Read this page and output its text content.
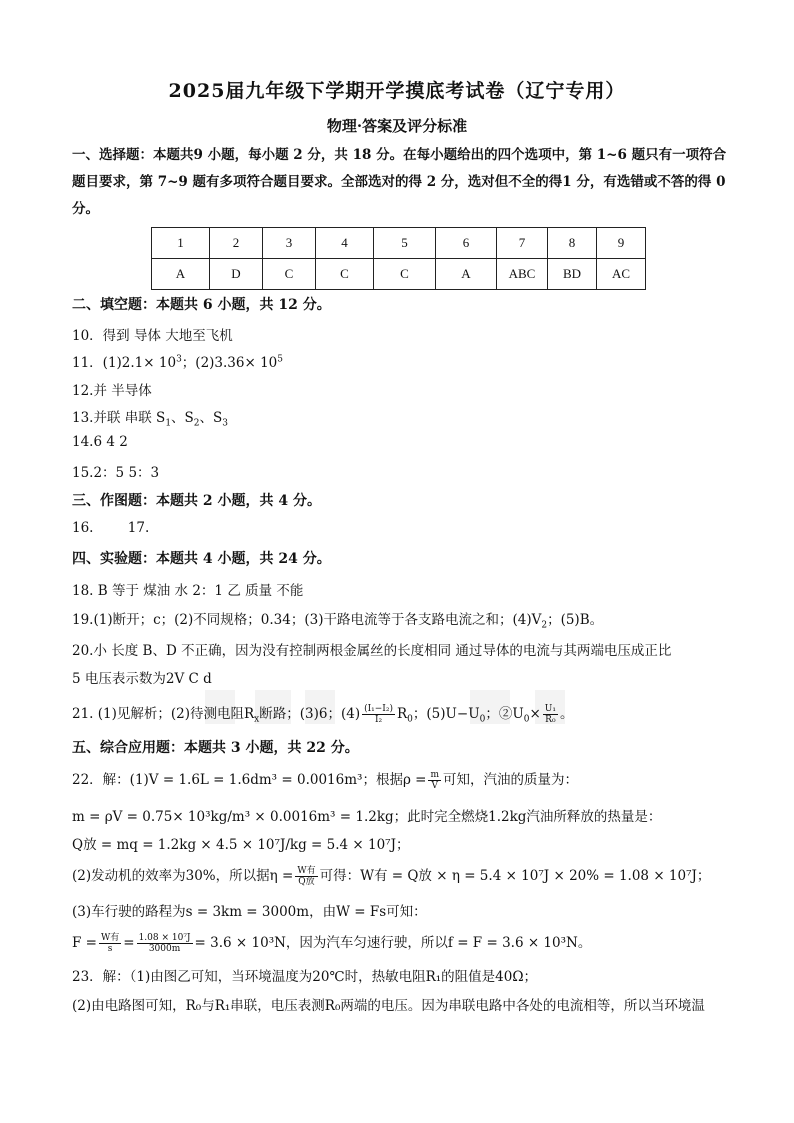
2025届九年级下学期开学摸底考试卷（辽宁专用）
物理·答案及评分标准
一、选择题：本题共9 小题，每小题 2 分，共 18 分。在每小题给出的四个选项中，第 1~6 题只有一项符合题目要求，第 7~9 题有多项符合题目要求。全部选对的得 2 分，选对但不全的得1 分，有选错或不答的得 0 分。
1	2	3	4	5	6	7	8	9
A	D	C	C	C	A	ABC	BD	AC
二、填空题：本题共 6 小题，共 12 分。
10．得到 导体 大地至飞机
11．$(1)2.1\times 10^3$；$(2)3.36\times 10^5$
12.并 半导体
13.并联 串联 $S_1$、$S_2$、$S_3$
14.6 4 2
15.2：5 5：3
三、作图题：本题共 2 小题，共 4 分。
16.        17.
四、实验题：本题共 4 小题，共 24 分。
18. B 等于 煤油 水 2：1 乙 质量 不能
19.(1)断开；c；(2)不同规格；0.34；(3)干路电流等于各支路电流之和；$(4)V_2$；(5)B。
20.小 长度 B、D 不正确，因为没有控制两根金属丝的长度相同 通过导体的电流与其两端电压成正比
5 电压表示数为2V C d
21. (1)见解析；(2)待测电阻$R_x$断路；(3)6；$(4) \frac{\text{(I₁−I₂)}}{\text{I₂}} R_0$；$(5)U-U_0$；$②U_0\times \frac{\text{U₁}}{\text{R₀}}$ 。
五、综合应用题：本题共 3 小题，共 22 分。
22．解：(1)V = 1.6L = 1.6dm³ = 0.0016m³；根据$\rho = \frac{m}{V}$ 可知，汽油的质量为：
m = ρV = 0.75× 10³kg/m³ × 0.0016m³ = 1.2kg；此时完全燃烧1.2kg汽油所释放的热量是：
Q放 = mq = 1.2kg × 4.5 × 10⁷J/kg = 5.4 × 10⁷J；
(2)发动机的效率为30%，所以据$\eta = \frac{\text{W有}}{\text{Q放}}$ 可得：W有 = Q放 × η = 5.4 × 10⁷J × 20% = 1.08 × 10⁷J；
(3)车行驶的路程为s = 3km = 3000m，由W = Fs可知：
$F = \frac{\text{W有}}{s} = \frac{\text{1.08 × 10⁷J}}{3000m} = 3.6 \times 10^3N$，因为汽车匀速行驶，所以f = F = 3.6 × 10³N。
23．解：（1)由图乙可知，当环境温度为20℃时，热敏电阻R₁的阻值是40Ω；
(2)由电路图可知，R₀与R₁串联，电压表测R₀两端的电压。因为串联电路中各处的电流相等，所以当环境温
